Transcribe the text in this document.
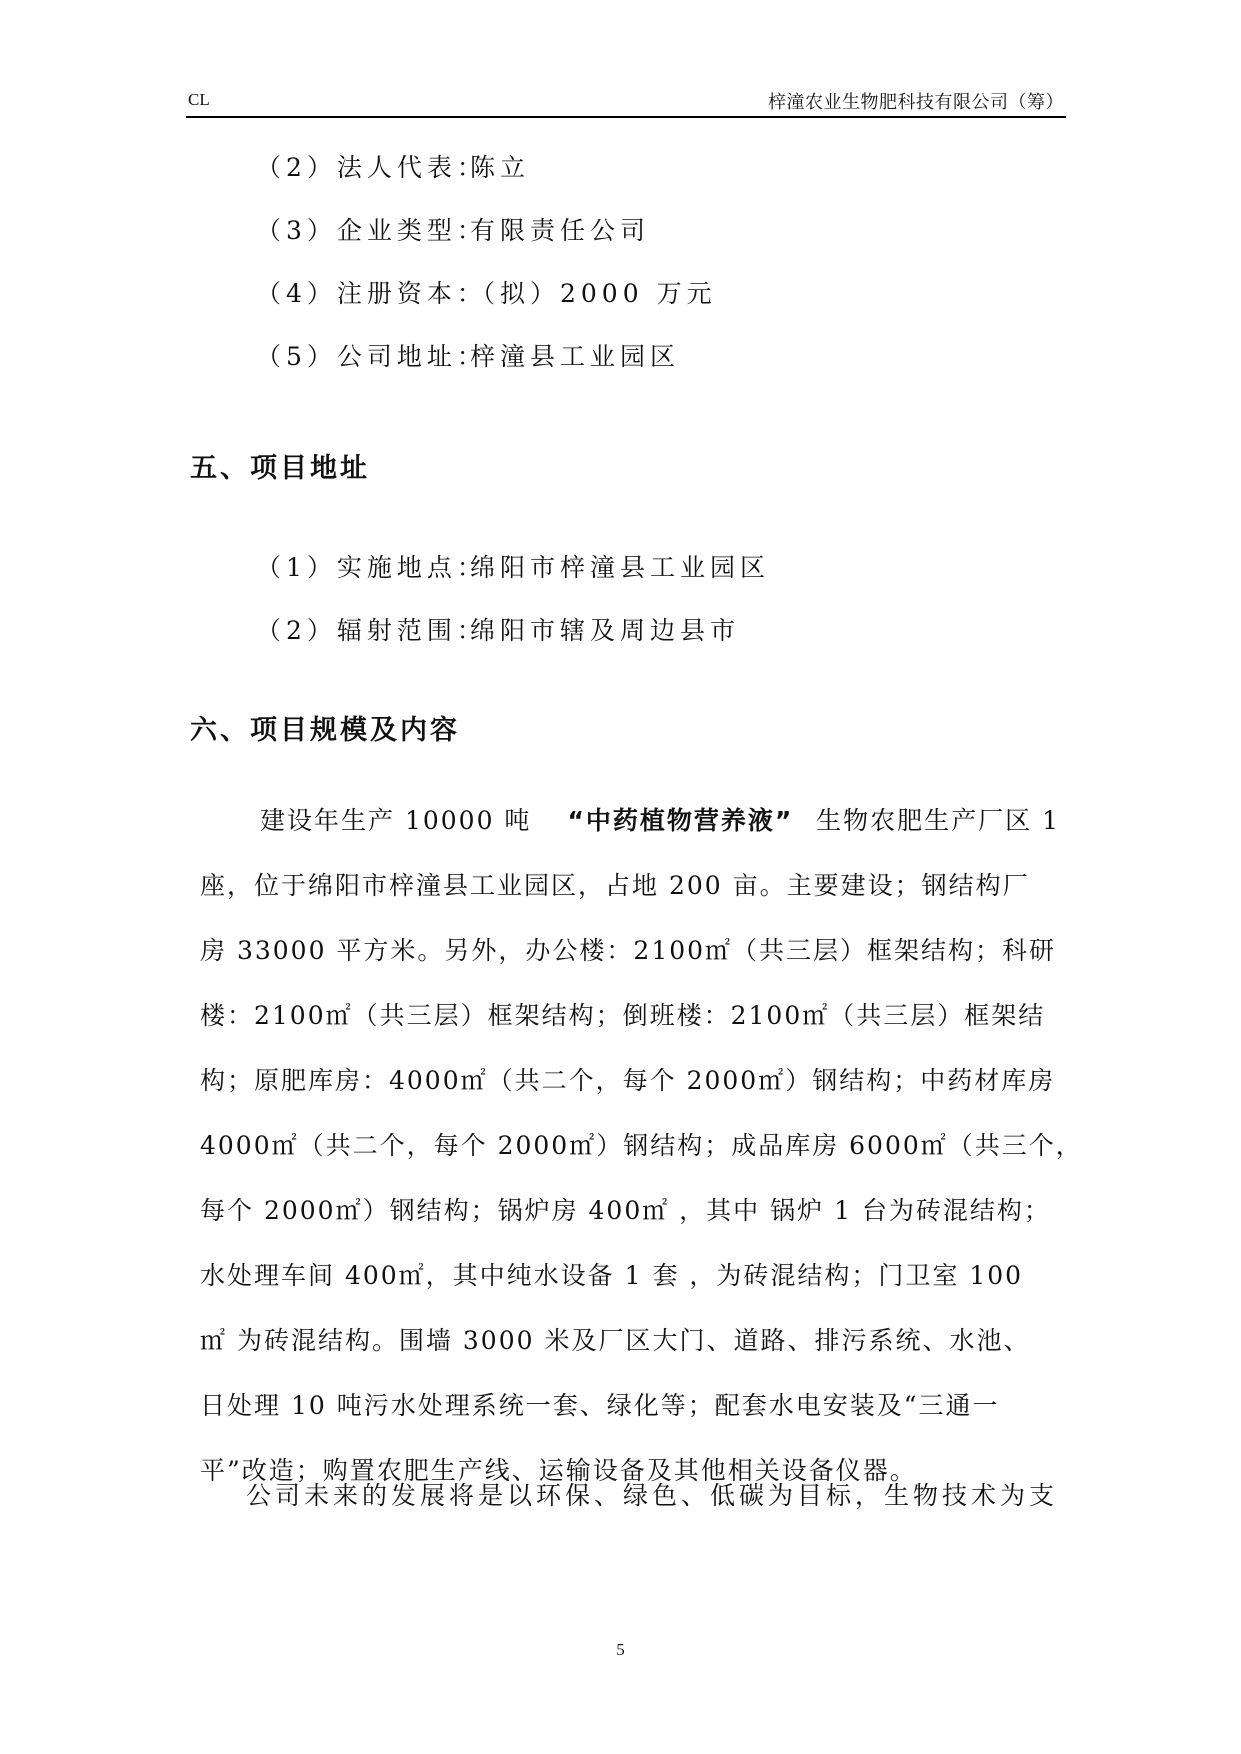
CL	梓潼农业生物肥科技有限公司（筹）
（2）法人代表：
陈立
（3）企业类型：
有限责任公司
（4）注册资本：
（拟）2000 万元
（5）公司地址：
梓潼县工业园区
五、项目地址
（1）实施地点：
绵阳市梓潼县工业园区
（2）辐射范围：
绵阳市辖及周边县市
六、项目规模及内容
建设年生产 10000 吨 “中药植物营养液” 生物农肥生产厂区 1
座，位于绵阳市梓潼县工业园区，占地 200 亩。主要建设；钢结构厂
房 33000 平方米。另外，办公楼：2100㎡（共三层）框架结构；科研
楼：2100㎡（共三层）框架结构；倒班楼：2100㎡（共三层）框架结
构；原肥库房：4000㎡（共二个，每个 2000㎡）钢结构；中药材库房
4000㎡（共二个，每个 2000㎡）钢结构；成品库房 6000㎡（共三个，
每个 2000㎡）钢结构；锅炉房 400㎡ ，其中 锅炉 1 台为砖混结构；
水处理车间 400㎡，其中纯水设备 1 套 ，为砖混结构；门卫室 100
㎡ 为砖混结构。围墙 3000 米及厂区大门、道路、排污系统、水池、
日处理 10 吨污水处理系统一套、绿化等；配套水电安装及“三通一
平”改造；购置农肥生产线、运输设备及其他相关设备仪器。
公司未来的发展将是以环保、绿色、低碳为目标，生物技术为支
5
